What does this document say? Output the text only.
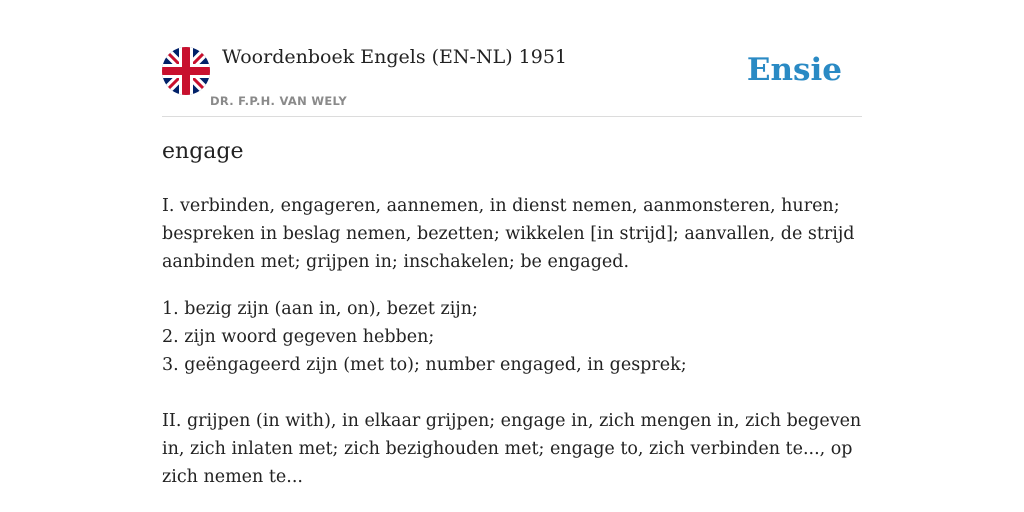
Woordenboek Engels (EN-NL) 1951
DR. F.P.H. VAN WELY
Ensie
engage

I. verbinden, engageren, aannemen, in dienst nemen, aanmonsteren, huren; bespreken in beslag nemen, bezetten; wikkelen [in strijd]; aanvallen, de strijd aanbinden met; grijpen in; inschakelen; be engaged.

1. bezig zijn (aan in, on), bezet zijn;
2. zijn woord gegeven hebben;
3. geëngageerd zijn (met to); number engaged, in gesprek;

II. grijpen (in with), in elkaar grijpen; engage in, zich mengen in, zich begeven in, zich inlaten met; zich bezighouden met; engage to, zich verbinden te..., op zich nemen te...
